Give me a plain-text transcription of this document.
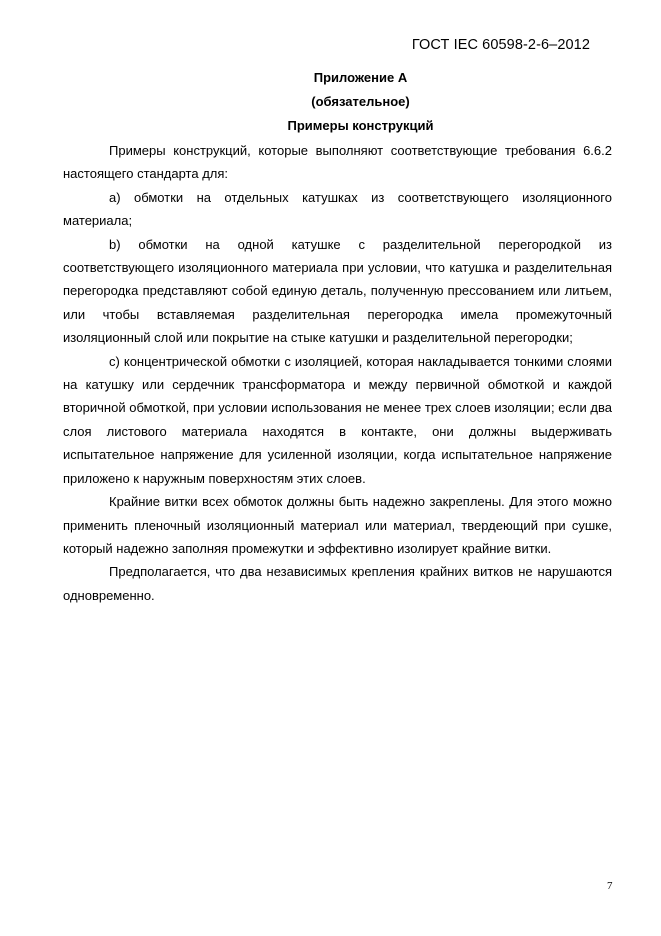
ГОСТ IEC 60598-2-6–2012
Приложение А
(обязательное)
Примеры конструкций

Примеры конструкций, которые выполняют соответствующие требования 6.6.2 настоящего стандарта для:

а) обмотки на отдельных катушках из соответствующего изоляционного материала;

b) обмотки на одной катушке с разделительной перегородкой из соответствующего изоляционного материала при условии, что катушка и разделительная перегородка представляют собой единую деталь, полученную прессованием или литьем, или чтобы вставляемая разделительная перегородка имела промежуточный изоляционный слой или покрытие на стыке катушки и разделительной перегородки;

с) концентрической обмотки с изоляцией, которая накладывается тонкими слоями на катушку или сердечник трансформатора и между первичной обмоткой и каждой вторичной обмоткой, при условии использования не менее трех слоев изоляции; если два слоя листового материала находятся в контакте, они должны выдерживать испытательное напряжение для усиленной изоляции, когда испытательное напряжение приложено к наружным поверхностям этих слоев.

Крайние витки всех обмоток должны быть надежно закреплены. Для этого можно применить пленочный изоляционный материал или материал, твердеющий при сушке, который надежно заполняя промежутки и эффективно изолирует крайние витки.

Предполагается, что два независимых крепления крайних витков не нарушаются одновременно.

7
